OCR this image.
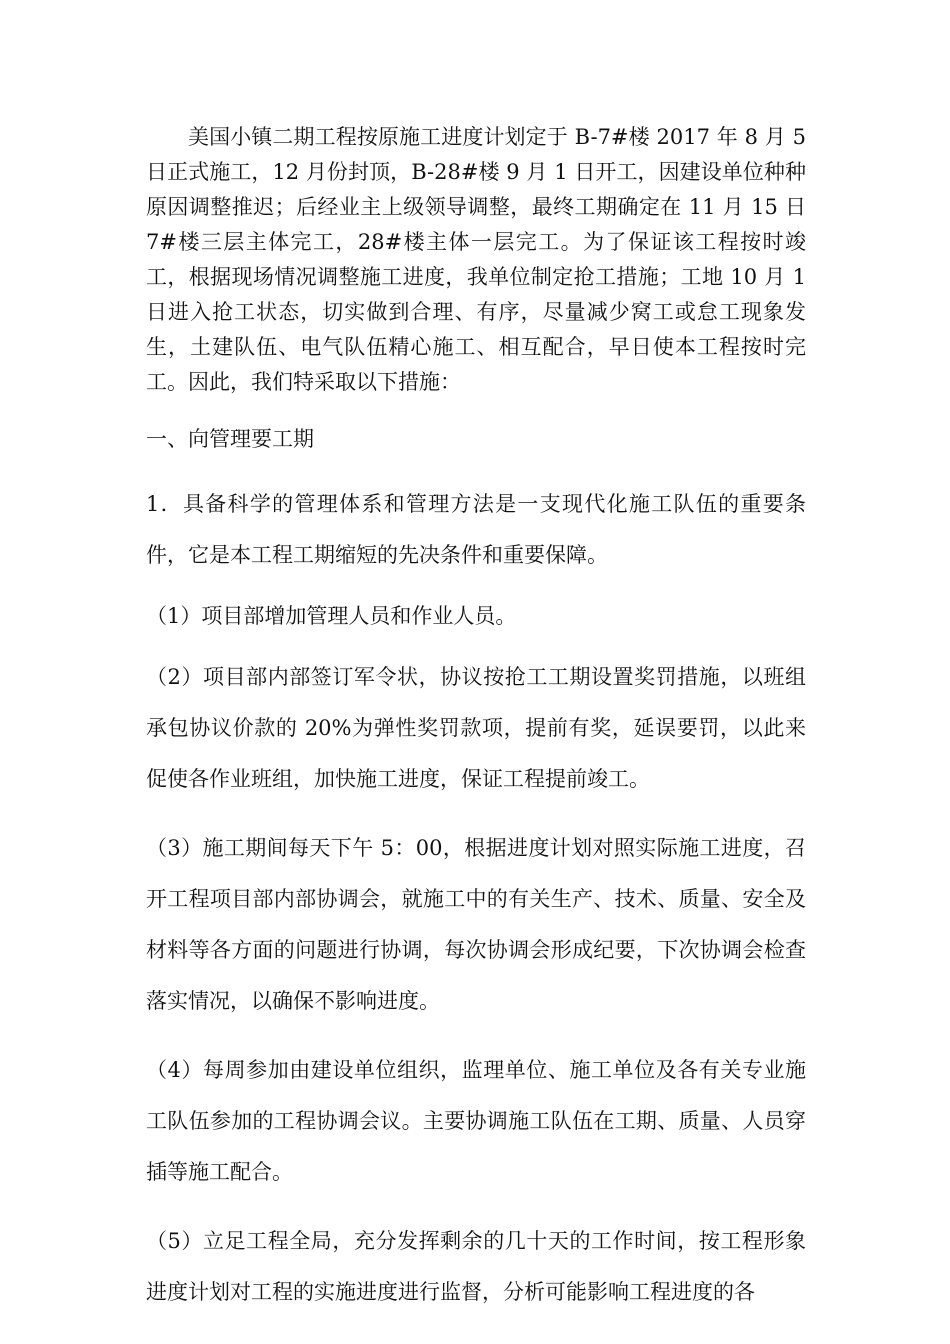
美国小镇二期工程按原施工进度计划定于 B-7#楼 2017 年 8 月 5 日正式施工，12 月份封顶，B-28#楼 9 月 1 日开工，因建设单位种种原因调整推迟；后经业主上级领导调整，最终工期确定在 11 月 15 日 7#楼三层主体完工，28#楼主体一层完工。为了保证该工程按时竣工，根据现场情况调整施工进度，我单位制定抢工措施；工地 10 月 1 日进入抢工状态，切实做到合理、有序，尽量减少窝工或怠工现象发生，土建队伍、电气队伍精心施工、相互配合，早日使本工程按时完工。因此，我们特采取以下措施：

一、向管理要工期

1．具备科学的管理体系和管理方法是一支现代化施工队伍的重要条件，它是本工程工期缩短的先决条件和重要保障。

（1）项目部增加管理人员和作业人员。

（2）项目部内部签订军令状，协议按抢工工期设置奖罚措施，以班组承包协议价款的 20%为弹性奖罚款项，提前有奖，延误要罚，以此来促使各作业班组，加快施工进度，保证工程提前竣工。

（3）施工期间每天下午 5：00，根据进度计划对照实际施工进度，召开工程项目部内部协调会，就施工中的有关生产、技术、质量、安全及材料等各方面的问题进行协调，每次协调会形成纪要，下次协调会检查落实情况，以确保不影响进度。

（4）每周参加由建设单位组织，监理单位、施工单位及各有关专业施工队伍参加的工程协调会议。主要协调施工队伍在工期、质量、人员穿插等施工配合。

（5）立足工程全局，充分发挥剩余的几十天的工作时间，按工程形象进度计划对工程的实施进度进行监督，分析可能影响工程进度的各
